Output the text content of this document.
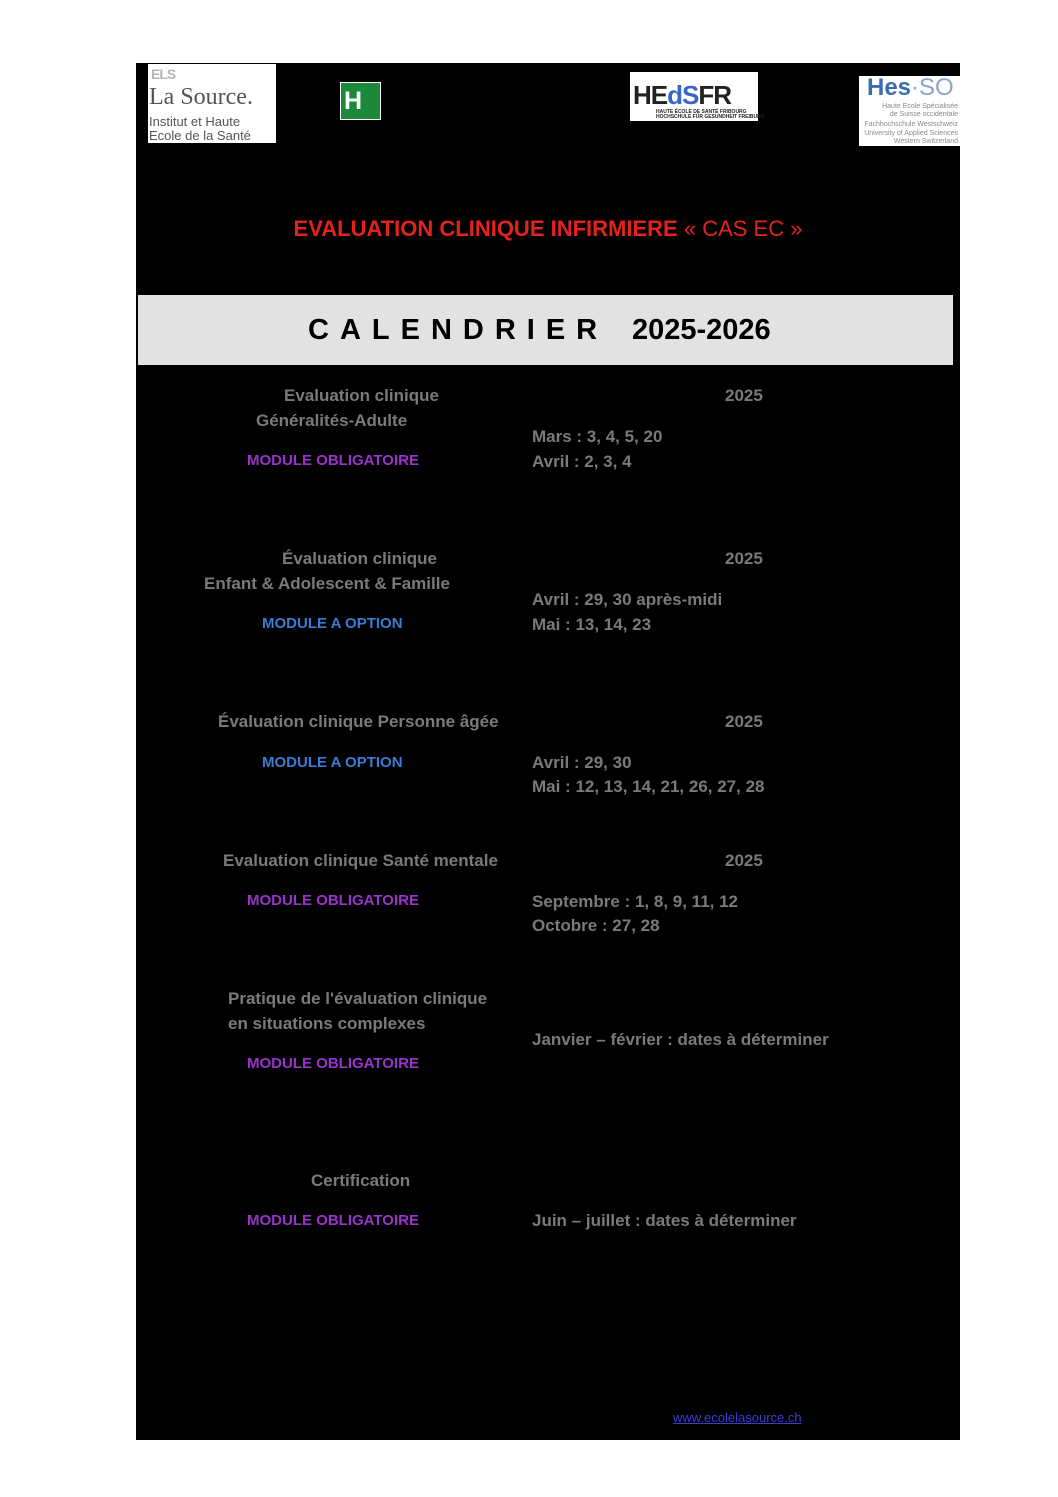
ELS
La Source.
Institut et Haute
Ecole de la Santé
H	HEdSFR
HAUTE ÉCOLE DE SANTÉ FRIBOURG
HOCHSCHULE FÜR GESUNDHEIT FREIBURG
Hes·SO
Haute Ecole Spécialisée
de Suisse occidentale
Fachhochschule Westschweiz
University of Applied Sciences
Western Switzerland
EVALUATION CLINIQUE INFIRMIERE « CAS EC »
CALENDRIER 2025-2026
Evaluation clinique
Généralités-Adulte
MODULE OBLIGATOIRE
2025
Mars : 3, 4, 5, 20
Avril : 2, 3, 4
Évaluation clinique
Enfant & Adolescent & Famille
MODULE A OPTION
2025
Avril : 29, 30 après-midi
Mai : 13, 14, 23
Évaluation clinique Personne âgée
MODULE A OPTION
2025
Avril : 29, 30
Mai : 12, 13, 14, 21, 26, 27, 28
Evaluation clinique Santé mentale
MODULE OBLIGATOIRE
2025
Septembre : 1, 8, 9, 11, 12
Octobre : 27, 28
Pratique de l'évaluation clinique
en situations complexes
MODULE OBLIGATOIRE
Janvier – février : dates à déterminer
Certification
MODULE OBLIGATOIRE	Juin – juillet : dates à déterminer
www.ecolelasource.ch
